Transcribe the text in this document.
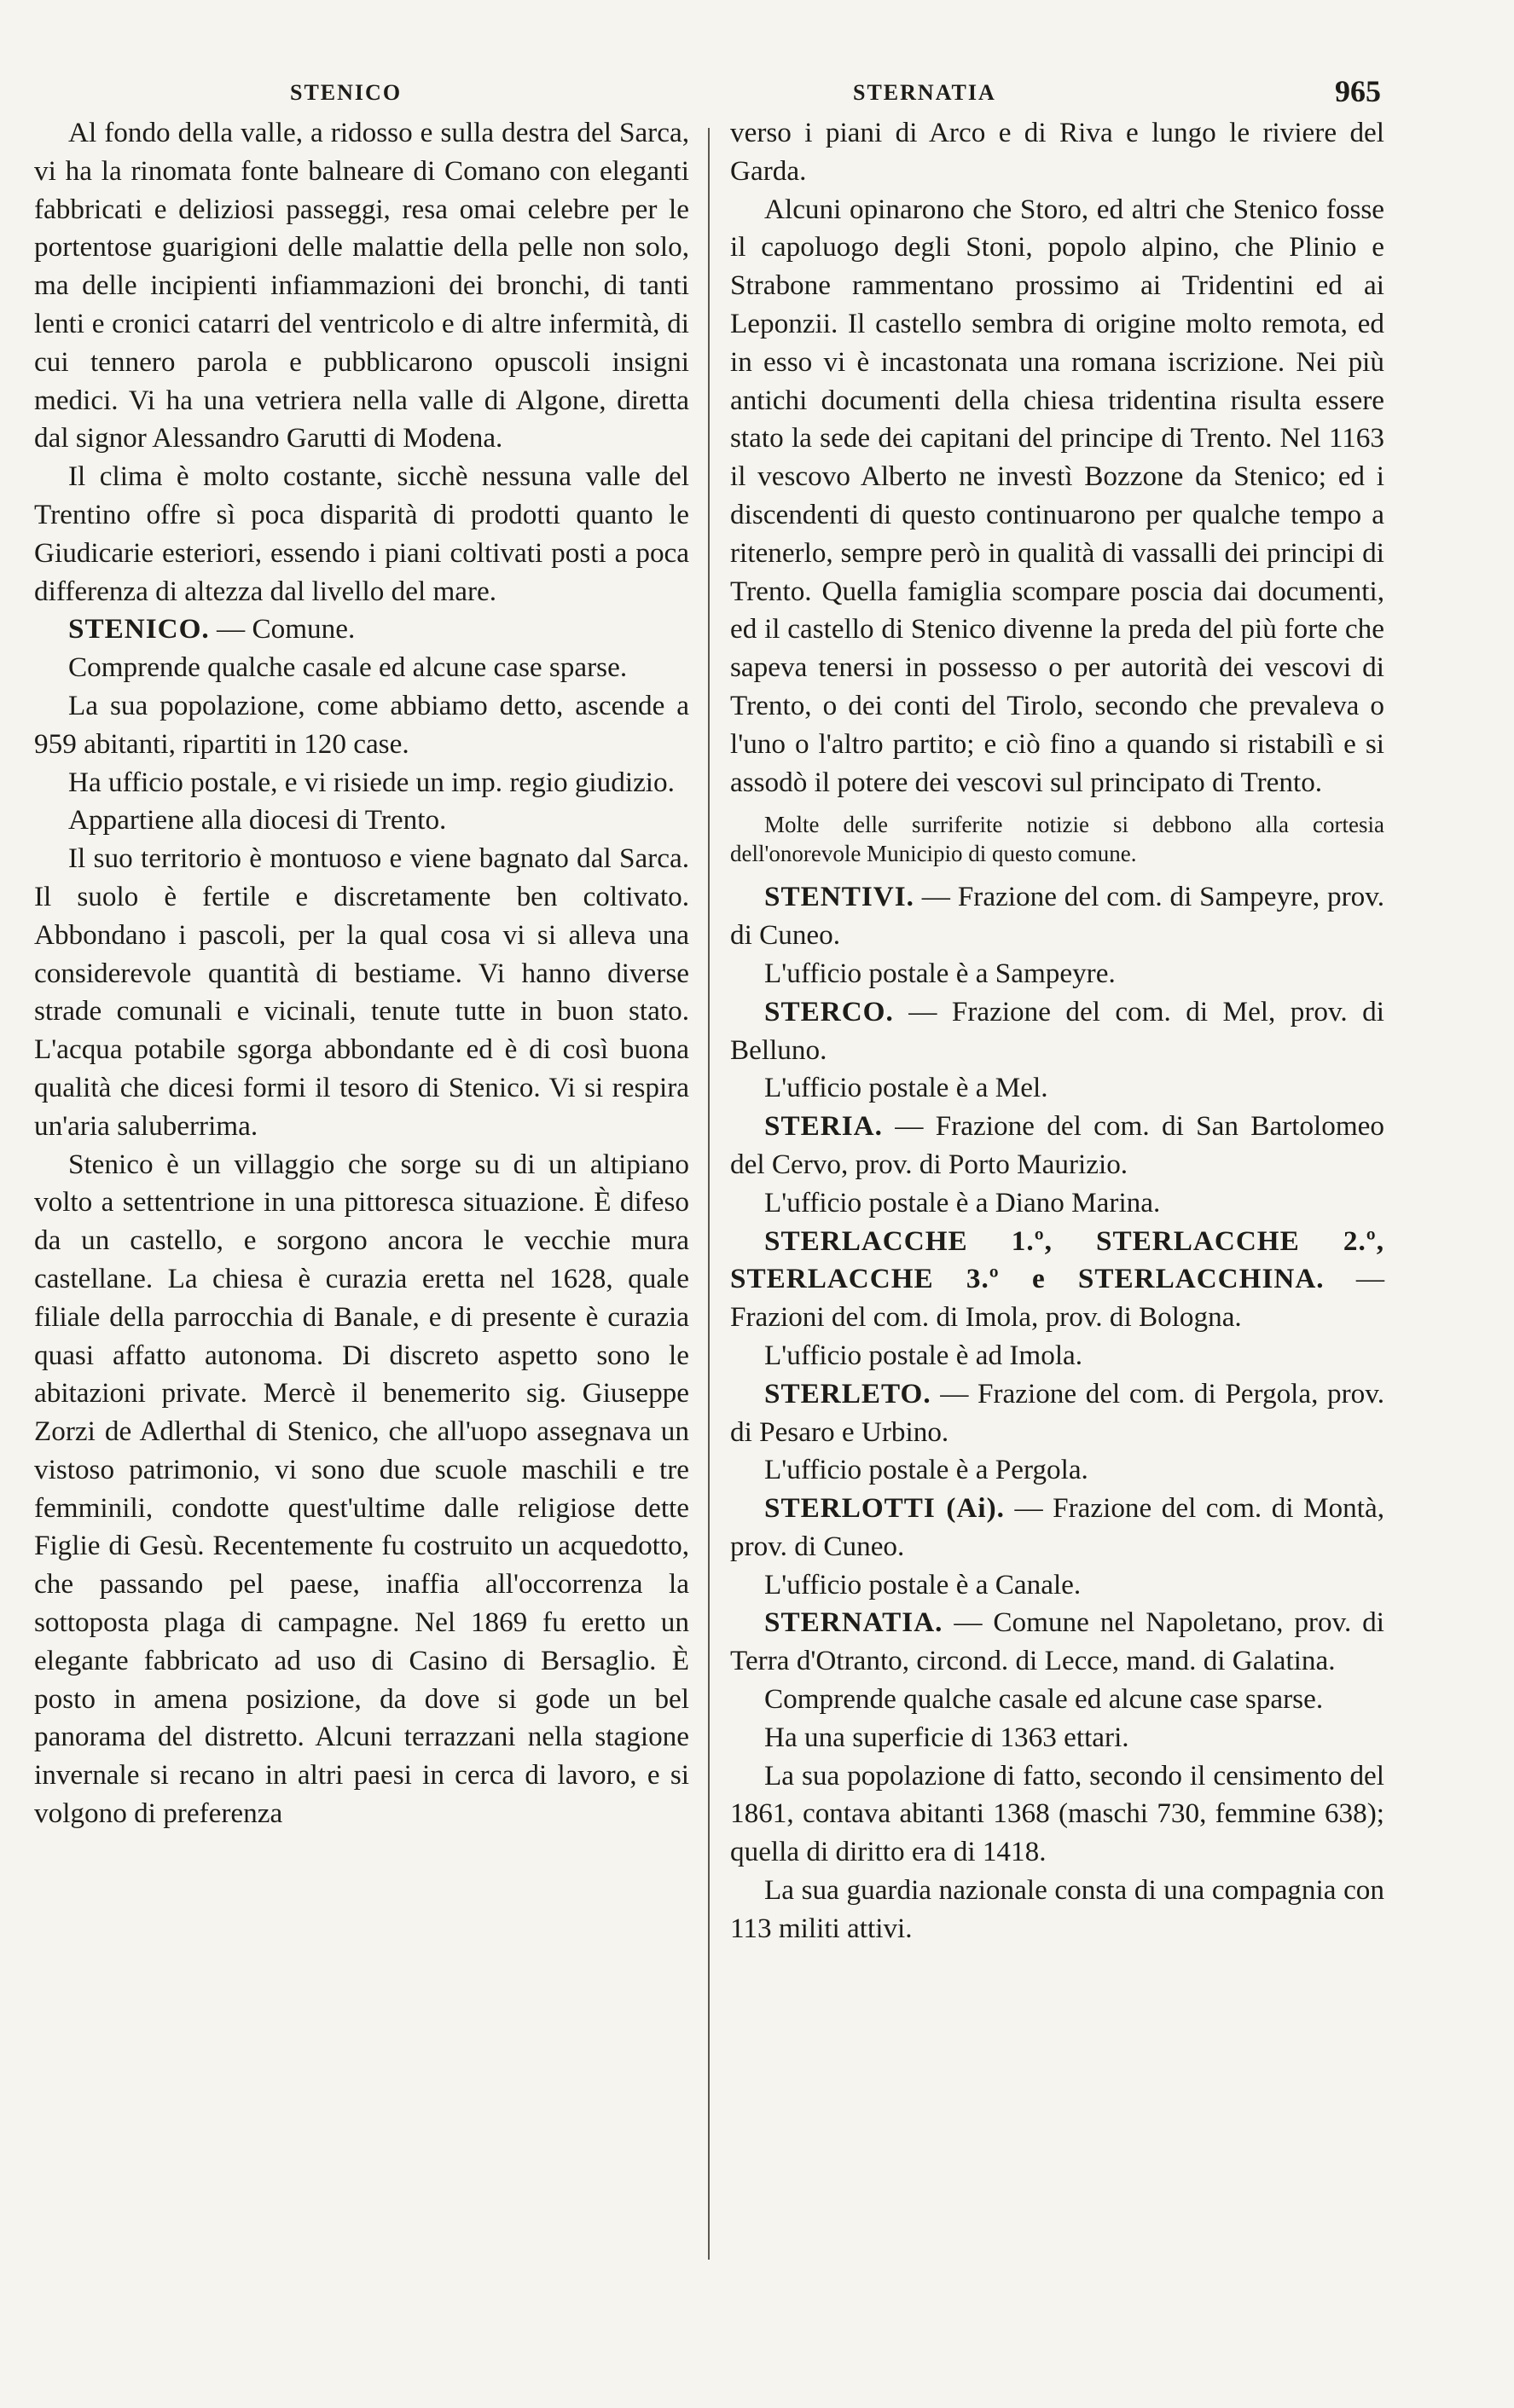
STENICO	STERNATIA	965

Al fondo della valle, a ridosso e sulla destra del Sarca, vi ha la rinomata fonte balneare di Comano con eleganti fabbricati e deliziosi passeggi, resa omai celebre per le portentose guarigioni delle malattie della pelle non solo, ma delle incipienti infiammazioni dei bronchi, di tanti lenti e cronici catarri del ventricolo e di altre infermità, di cui tennero parola e pubblicarono opuscoli insigni medici. Vi ha una vetriera nella valle di Algone, diretta dal signor Alessandro Garutti di Modena.

Il clima è molto costante, sicchè nessuna valle del Trentino offre sì poca disparità di prodotti quanto le Giudicarie esteriori, essendo i piani coltivati posti a poca differenza di altezza dal livello del mare.

STENICO. — Comune.

Comprende qualche casale ed alcune case sparse.

La sua popolazione, come abbiamo detto, ascende a 959 abitanti, ripartiti in 120 case.

Ha ufficio postale, e vi risiede un imp. regio giudizio.

Appartiene alla diocesi di Trento.

Il suo territorio è montuoso e viene bagnato dal Sarca. Il suolo è fertile e discretamente ben coltivato. Abbondano i pascoli, per la qual cosa vi si alleva una considerevole quantità di bestiame. Vi hanno diverse strade comunali e vicinali, tenute tutte in buon stato. L'acqua potabile sgorga abbondante ed è di così buona qualità che dicesi formi il tesoro di Stenico. Vi si respira un'aria saluberrima.

Stenico è un villaggio che sorge su di un altipiano volto a settentrione in una pittoresca situazione. È difeso da un castello, e sorgono ancora le vecchie mura castellane. La chiesa è curazia eretta nel 1628, quale filiale della parrocchia di Banale, e di presente è curazia quasi affatto autonoma. Di discreto aspetto sono le abitazioni private. Mercè il benemerito sig. Giuseppe Zorzi de Adlerthal di Stenico, che all'uopo assegnava un vistoso patrimonio, vi sono due scuole maschili e tre femminili, condotte quest'ultime dalle religiose dette Figlie di Gesù. Recentemente fu costruito un acquedotto, che passando pel paese, inaffia all'occorrenza la sottoposta plaga di campagne. Nel 1869 fu eretto un elegante fabbricato ad uso di Casino di Bersaglio. È posto in amena posizione, da dove si gode un bel panorama del distretto. Alcuni terrazzani nella stagione invernale si recano in altri paesi in cerca di lavoro, e si volgono di preferenza

verso i piani di Arco e di Riva e lungo le riviere del Garda.

Alcuni opinarono che Storo, ed altri che Stenico fosse il capoluogo degli Stoni, popolo alpino, che Plinio e Strabone rammentano prossimo ai Tridentini ed ai Leponzii. Il castello sembra di origine molto remota, ed in esso vi è incastonata una romana iscrizione. Nei più antichi documenti della chiesa tridentina risulta essere stato la sede dei capitani del principe di Trento. Nel 1163 il vescovo Alberto ne investì Bozzone da Stenico; ed i discendenti di questo continuarono per qualche tempo a ritenerlo, sempre però in qualità di vassalli dei principi di Trento. Quella famiglia scompare poscia dai documenti, ed il castello di Stenico divenne la preda del più forte che sapeva tenersi in possesso o per autorità dei vescovi di Trento, o dei conti del Tirolo, secondo che prevaleva o l'uno o l'altro partito; e ciò fino a quando si ristabilì e si assodò il potere dei vescovi sul principato di Trento.

Molte delle surriferite notizie si debbono alla cortesia dell'onorevole Municipio di questo comune.

STENTIVI. — Frazione del com. di Sampeyre, prov. di Cuneo.

L'ufficio postale è a Sampeyre.

STERCO. — Frazione del com. di Mel, prov. di Belluno.

L'ufficio postale è a Mel.

STERIA. — Frazione del com. di San Bartolomeo del Cervo, prov. di Porto Maurizio.

L'ufficio postale è a Diano Marina.

STERLACCHE 1.º, STERLACCHE 2.º, STERLACCHE 3.º e STERLACCHINA. — Frazioni del com. di Imola, prov. di Bologna.

L'ufficio postale è ad Imola.

STERLETO. — Frazione del com. di Pergola, prov. di Pesaro e Urbino.

L'ufficio postale è a Pergola.

STERLOTTI (Ai). — Frazione del com. di Montà, prov. di Cuneo.

L'ufficio postale è a Canale.

STERNATIA. — Comune nel Napoletano, prov. di Terra d'Otranto, circond. di Lecce, mand. di Galatina.

Comprende qualche casale ed alcune case sparse.

Ha una superficie di 1363 ettari.

La sua popolazione di fatto, secondo il censimento del 1861, contava abitanti 1368 (maschi 730, femmine 638); quella di diritto era di 1418.

La sua guardia nazionale consta di una compagnia con 113 militi attivi.
